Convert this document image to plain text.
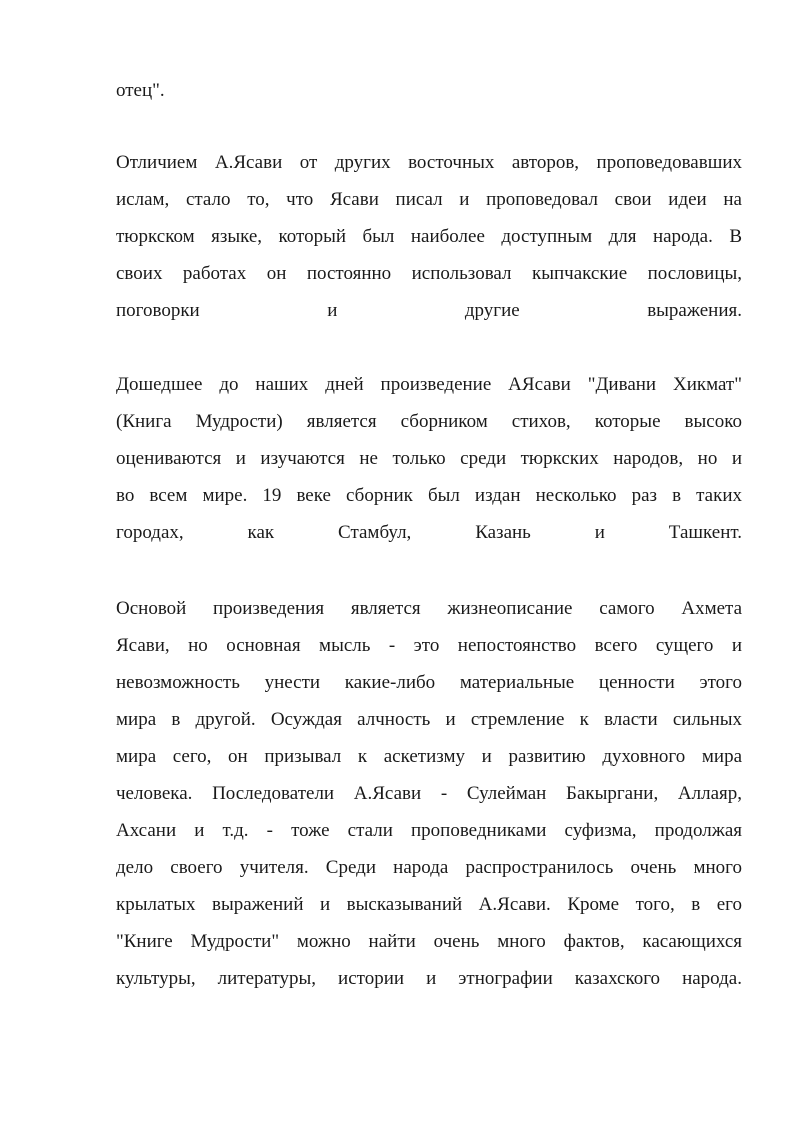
отец".
Отличием А.Ясави от других восточных авторов, проповедовавших
ислам, стало то, что Ясави писал и проповедовал свои идеи на
тюркском языке, который был наиболее доступным для народа. В
своих работах он постоянно использовал кыпчакские пословицы,
поговорки и другие выражения.
Дошедшее до наших дней произведение АЯсави "Дивани Хикмат"
(Книга Мудрости) является сборником стихов, которые высоко
оцениваются и изучаются не только среди тюркских народов, но и
во всем мире. 19 веке сборник был издан несколько раз в таких
городах, как Стамбул, Казань и Ташкент.
Основой произведения является жизнеописание самого Ахмета
Ясави, но основная мысль - это непостоянство всего сущего и
невозможность унести какие-либо материальные ценности этого
мира в другой. Осуждая алчность и стремление к власти сильных
мира сего, он призывал к аскетизму и развитию духовного мира
человека. Последователи А.Ясави - Сулейман Бакыргани, Аллаяр,
Ахсани и т.д. - тоже стали проповедниками суфизма, продолжая
дело своего учителя. Среди народа распространилось очень много
крылатых выражений и высказываний А.Ясави. Кроме того, в его
"Книге Мудрости" можно найти очень много фактов, касающихся
культуры, литературы, истории и этнографии казахского народа.
